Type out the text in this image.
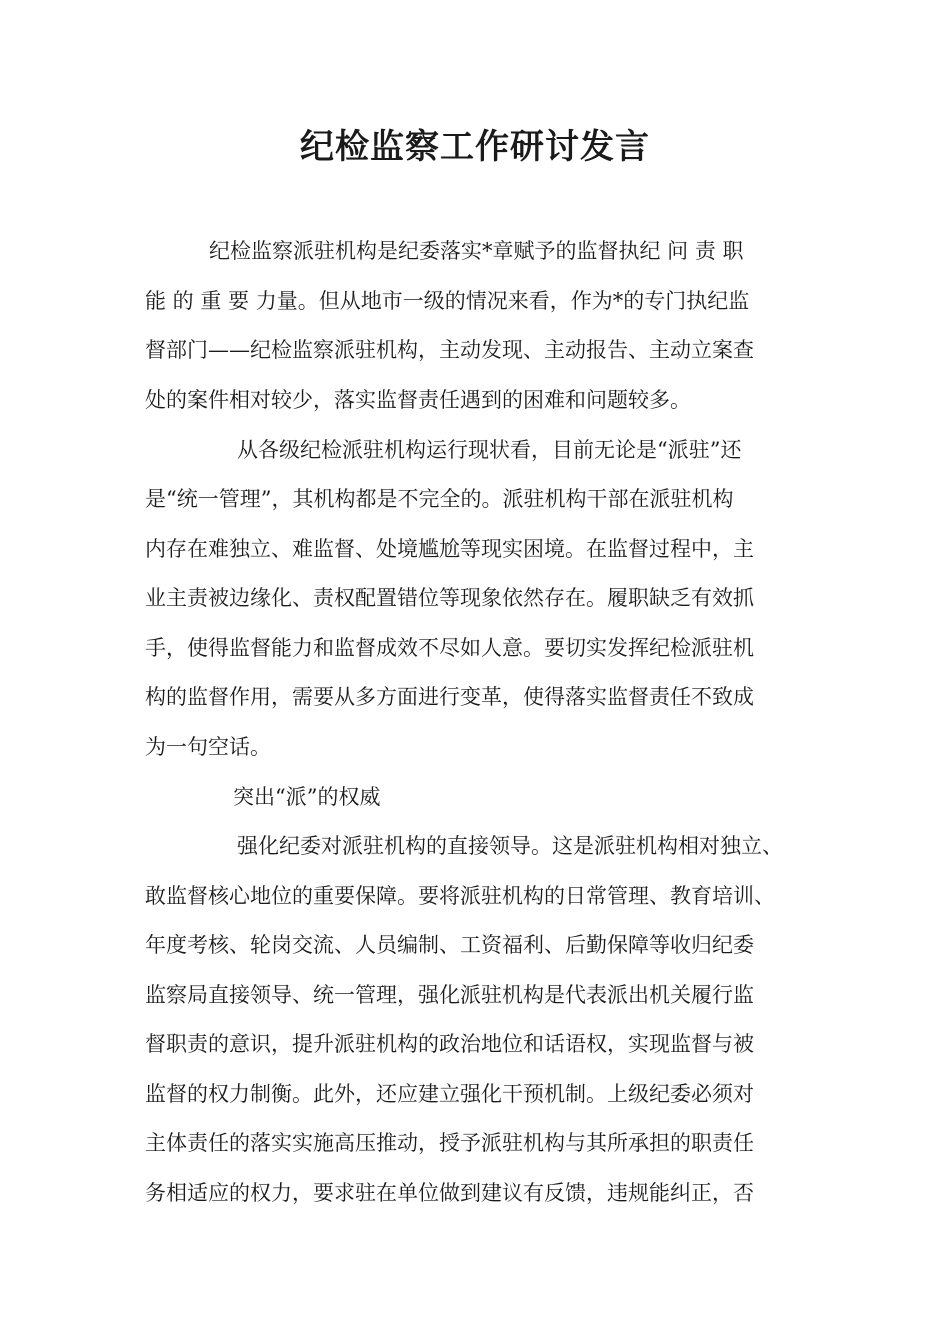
纪检监察工作研讨发言

纪检监察派驻机构是纪委落实*章赋予的监督执纪 问 责 职

能 的 重 要 力量。但从地市一级的情况来看，作为*的专门执纪监

督部门——纪检监察派驻机构，主动发现、主动报告、主动立案查

处的案件相对较少，落实监督责任遇到的困难和问题较多。

从各级纪检派驻机构运行现状看，目前无论是“派驻”还

是“统一管理”，其机构都是不完全的。派驻机构干部在派驻机构

内存在难独立、难监督、处境尴尬等现实困境。在监督过程中，主

业主责被边缘化、责权配置错位等现象依然存在。履职缺乏有效抓

手，使得监督能力和监督成效不尽如人意。要切实发挥纪检派驻机

构的监督作用，需要从多方面进行变革，使得落实监督责任不致成

为一句空话。

突出“派”的权威

强化纪委对派驻机构的直接领导。这是派驻机构相对独立、

敢监督核心地位的重要保障。要将派驻机构的日常管理、教育培训、

年度考核、轮岗交流、人员编制、工资福利、后勤保障等收归纪委

监察局直接领导、统一管理，强化派驻机构是代表派出机关履行监

督职责的意识，提升派驻机构的政治地位和话语权，实现监督与被

监督的权力制衡。此外，还应建立强化干预机制。上级纪委必须对

主体责任的落实实施高压推动，授予派驻机构与其所承担的职责任

务相适应的权力，要求驻在单位做到建议有反馈，违规能纠正，否
